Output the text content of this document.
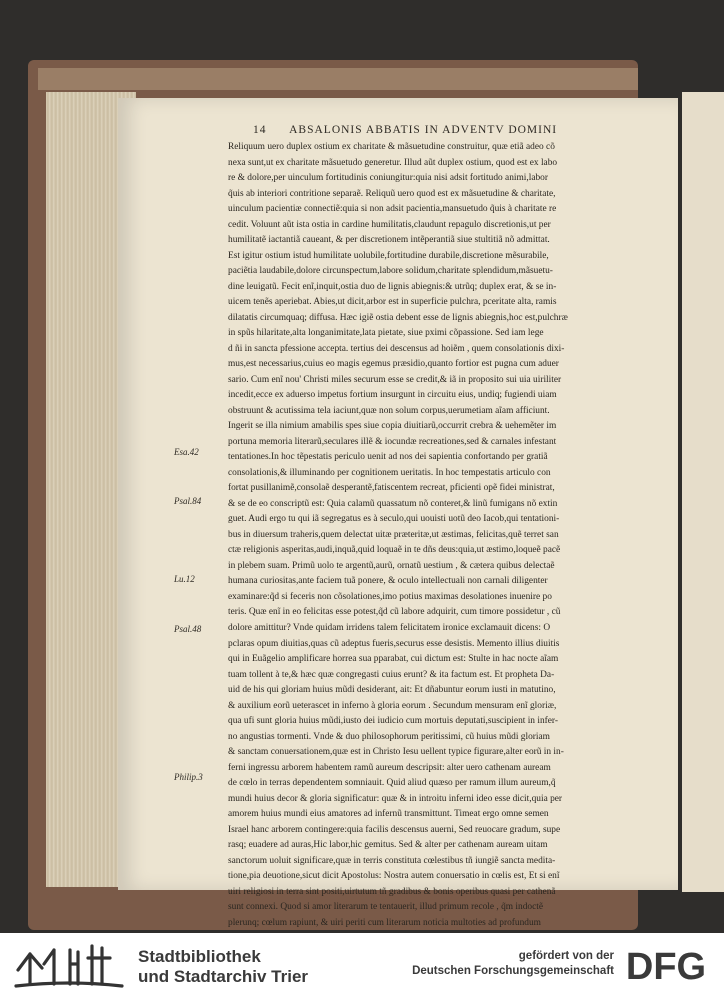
14 ABSALONIS ABBATIS IN ADVENTV DOMINI
Reliquum uero duplex ostium ex charitate & mãsuetudine construitur, quæ etiã adeo cõ
nexa sunt,ut ex charitate mãsuetudo generetur. Illud aũt duplex ostium, quod est ex labo
re & dolore,per uinculum fortitudinis coniungitur:quia nisi adsit fortitudo animi,labor
q̃uis ab interiori contritione separaẽ. Reliquũ uero quod est ex mãsuetudine & charitate,
uinculum pacientiæ connectiẽ:quia si non adsit pacientia,mansuetudo q̃uis à charitate re
cedit. Voluunt aũt ista ostia in cardine humilitatis,claudunt repagulo discretionis,ut per
humilitatẽ iactantiã caueant, & per discretionem intẽperantiã siue stultitiã nõ admittat.
Est igitur ostium istud humilitate uolubile,fortitudine durabile,discretione mẽsurabile,
paciẽtia laudabile,dolore circunspectum,labore solidum,charitate splendidum,mãsuetu-
dine leuigatũ. Fecit enĩ,inquit,ostia duo de lignis abiegnis:& utrũq; duplex erat, & se in-
uicem tenẽs aperiebat. Abies,ut dicit,arbor est in superficie pulchra, pceritate alta, ramis
dilatatis circumquaq; diffusa. Hæc igiẽ ostia debent esse de lignis abiegnis,hoc est,pulchræ
in spũs hilaritate,alta longanimitate,lata pietate, siue pximi cõpassione. Sed iam lege
d ñi in sancta pfessione accepta. tertius dei descensus ad hoiẽm , quem consolationis dixi-
mus,est necessarius,cuius eo magis egemus præsidio,quanto fortior est pugna cum aduer
sario. Cum enĩ nou' Christi miles securum esse se credit,& iã in proposito sui uia uiriliter
incedit,ecce ex aduerso impetus fortium insurgunt in circuitu eius, undiq; fugiendi uiam
obstruunt & acutissima tela iaciunt,quæ non solum corpus,uerumetiam aĩam afficiunt.
Ingerit se illa nimium amabilis spes siue copia diuitiarũ,occurrit crebra & uehemẽter im
portuna memoria literarũ,seculares illẽ & iocundæ recreationes,sed & carnales infestant
tentationes.In hoc tẽpestatis periculo uenit ad nos dei sapientia confortando per gratiã
consolationis,& illuminando per cognitionem ueritatis. In hoc tempestatis articulo con
fortat pusillanimẽ,consolaẽ desperantẽ,fatiscentem recreat, pficienti opẽ fidei ministrat,
& se de eo conscriptũ est: Quia calamũ quassatum nõ conteret,& linũ fumigans nõ extin
guet. Audi ergo tu qui iã segregatus es à seculo,qui uouisti uotũ deo Iacob,qui tentationi-
bus in diuersum traheris,quem delectat uitæ præteritæ,ut æstimas, felicitas,quẽ terret san
ctæ religionis asperitas,audi,inquã,quid loquaẽ in te dñs deus:quia,ut æstimo,loqueẽ pacẽ
in plebem suam. Primũ uolo te argentũ,aurũ, ornatũ uestium , & cætera quibus delectaẽ
humana curiositas,ante faciem tuã ponere, & oculo intellectuali non carnali diligenter
examinare:q̃d si feceris non cõsolationes,imo potius maximas desolationes inuenire po
teris. Quæ enĩ in eo felicitas esse potest,q̃d cũ labore adquirit, cum timore possidetur , cũ
dolore amittitur? Vnde quidam irridens talem felicitatem ironice exclamauit dicens: O
pclaras opum diuitias,quas cũ adeptus fueris,securus esse desistis. Memento illius diuitis
qui in Euãgelio amplificare horrea sua pparabat, cui dictum est: Stulte in hac nocte aĩam
tuam tollent à te,& hæc quæ congregasti cuius erunt? & ita factum est. Et propheta Da-
uid de his qui gloriam huius mũdi desiderant, ait: Et dñabuntur eorum iusti in matutino,
& auxilium eorũ ueterascet in inferno à gloria eorum . Secundum mensuram enĩ gloriæ,
qua ufi sunt gloria huius mũdi,iusto dei iudicio cum mortuis deputati,suscipient in infer-
no angustias tormenti. Vnde & duo philosophorum peritissimi, cũ huius mũdi gloriam
& sanctam conuersationem,quæ est in Christo Iesu uellent typice figurare,alter eorũ in in-
ferni ingressu arborem habentem ramũ aureum descripsit: alter uero cathenam auream
de cœlo in terras dependentem somniauit. Quid aliud quæso per ramum illum aureum,q̃
mundi huius decor & gloria significatur: quæ & in introitu inferni ideo esse dicit,quia per
amorem huius mundi eius amatores ad infernũ transmittunt. Timeat ergo omne semen
Israel hanc arborem contingere:quia facilis descensus auerni, Sed reuocare gradum, supe
rasq; euadere ad auras,Hic labor,hic gemitus. Sed & alter per cathenam auream uitam
sanctorum uoluit significare,quæ in terris constituta cœlestibus tñ iungiẽ sancta medita-
tione,pia deuotione,sicut dicit Apostolus: Nostra autem conuersatio in cœlis est, Et si enĩ
uiri religiosi in terra sint positi,uirtutum tñ gradibus & bonis operibus quasi per cathenã
sunt connexi. Quod si amor literarum te tentauerit, illud primum recole , q̃m indoctẽ
plerunq; cœlum rapiunt, & uiri periti cum literarum noticia multoties ad profundum
Esa.42
Psal.84
Lu.12
Psal.48
Philip.3
Stadtbibliothek
und Stadtarchiv Trier
gefördert von der
Deutschen Forschungsgemeinschaft DFG
